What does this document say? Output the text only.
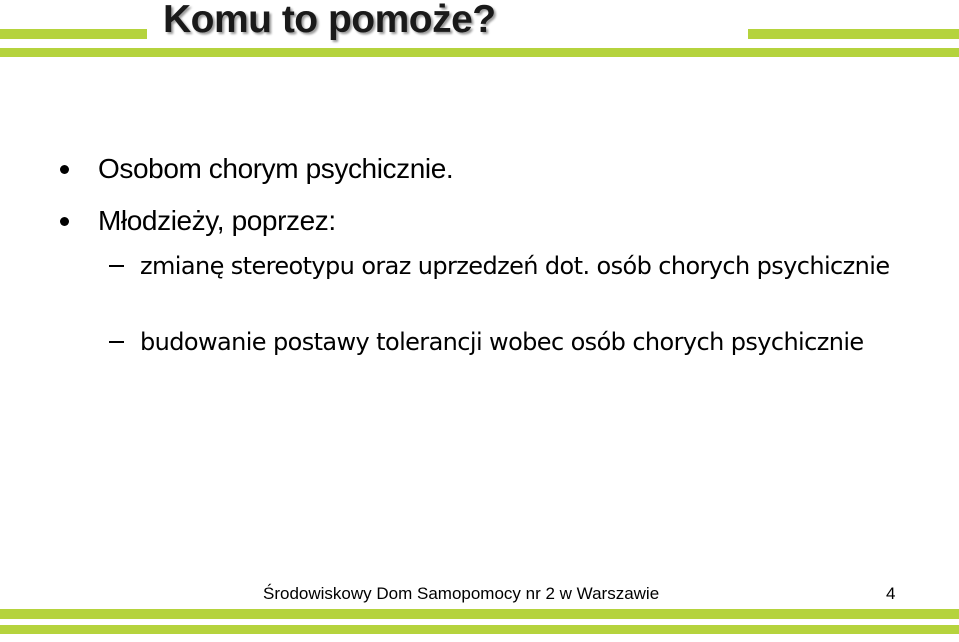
Komu to pomoże?
Osobom chorym psychicznie.
Młodzieży, poprzez:
zmianę stereotypu oraz uprzedzeń dot. osób chorych psychicznie
budowanie postawy tolerancji wobec osób chorych psychicznie
Środowiskowy Dom Samopomocy nr 2 w Warszawie	4
